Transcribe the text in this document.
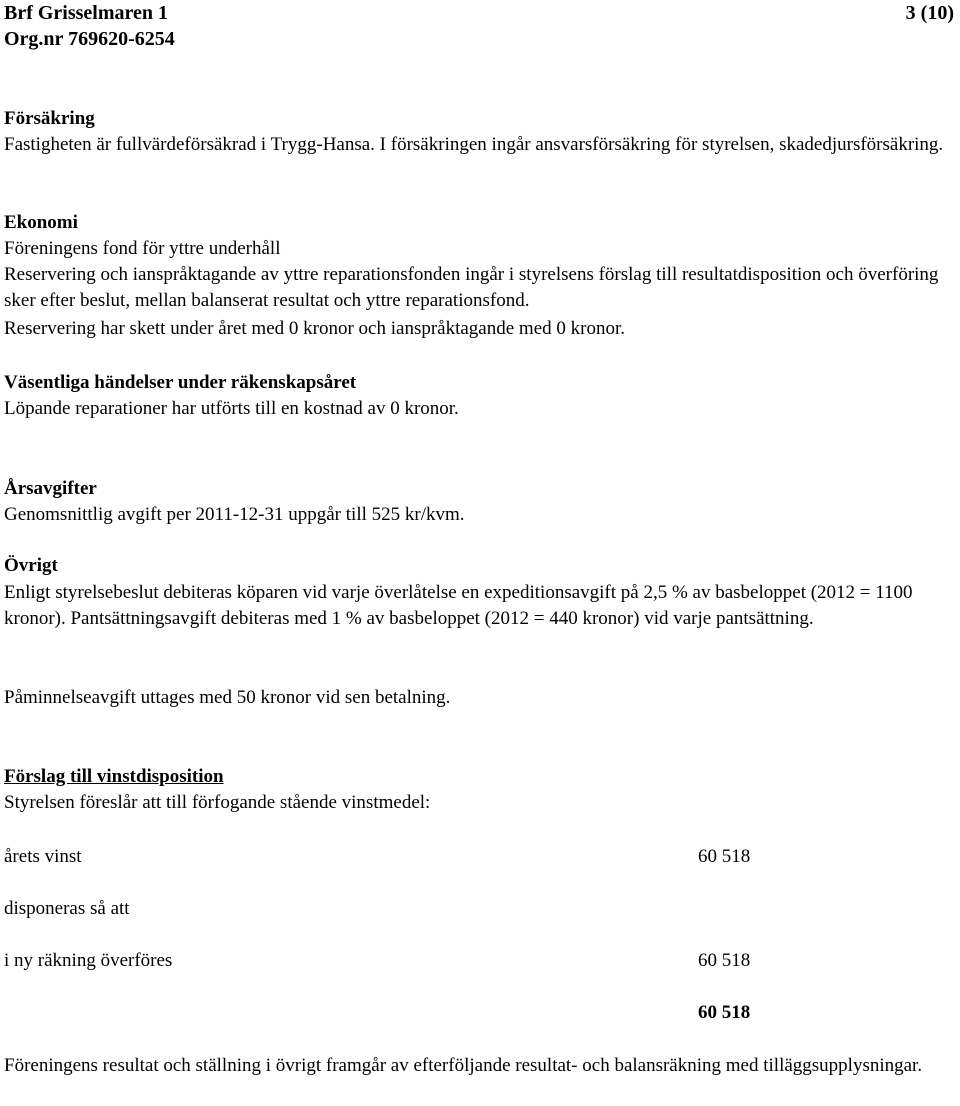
Brf Grisselmaren 1
Org.nr 769620-6254
3 (10)
Försäkring
Fastigheten är fullvärdeförsäkrad i Trygg-Hansa. I försäkringen ingår ansvarsförsäkring för styrelsen, skadedjursförsäkring.
Ekonomi
Föreningens fond för yttre underhåll
Reservering och ianspråktagande av yttre reparationsfonden ingår i styrelsens förslag till resultatdisposition och överföring sker efter beslut, mellan balanserat resultat och yttre reparationsfond.
Reservering har skett under året med 0 kronor och ianspråktagande med 0 kronor.
Väsentliga händelser under räkenskapsåret
Löpande reparationer har utförts till en kostnad av 0 kronor.
Årsavgifter
Genomsnittlig avgift per 2011-12-31 uppgår till 525 kr/kvm.
Övrigt
Enligt styrelsebeslut debiteras köparen vid varje överlåtelse en expeditionsavgift på 2,5 % av basbeloppet (2012 = 1100 kronor). Pantsättningsavgift debiteras med 1 % av basbeloppet (2012 = 440 kronor) vid varje pantsättning.
Påminnelseavgift uttages med 50 kronor vid sen betalning.
Förslag till vinstdisposition
Styrelsen föreslår att till förfogande stående vinstmedel:
årets vinst	60 518
disponeras så att
i ny räkning överföres	60 518
60 518
Föreningens resultat och ställning i övrigt framgår av efterföljande resultat- och balansräkning med tilläggsupplysningar.
